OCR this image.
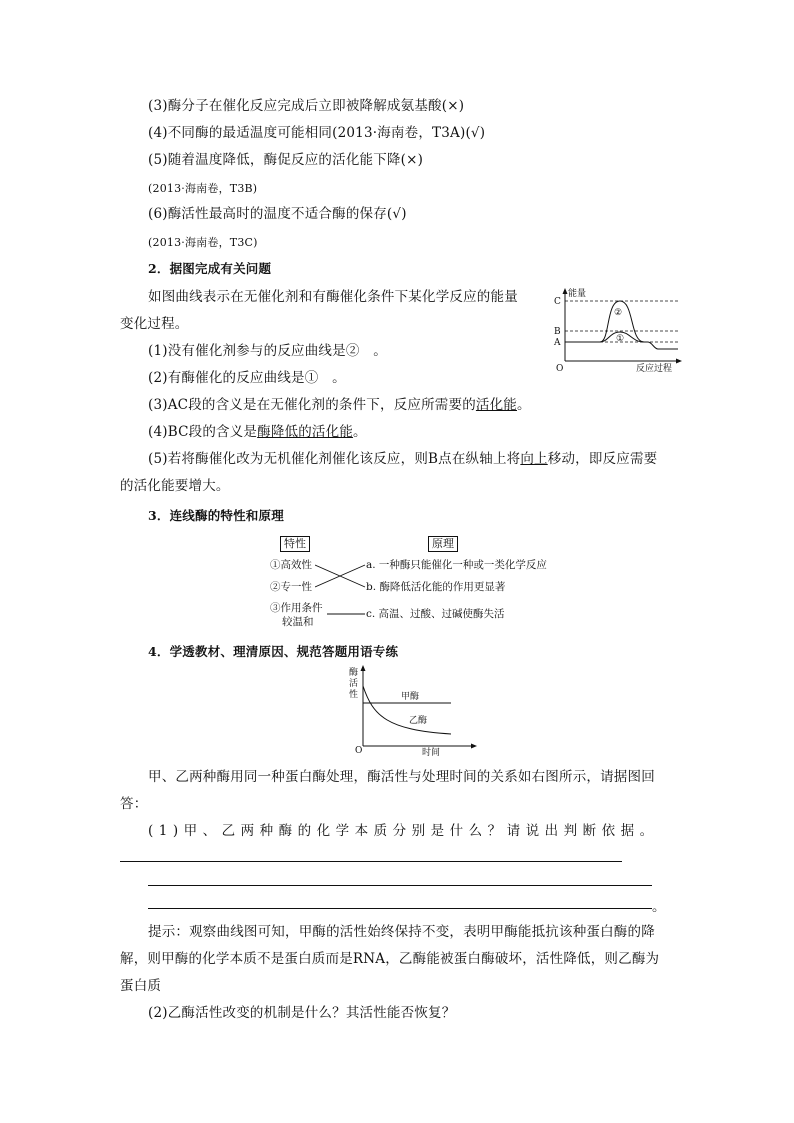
(3)酶分子在催化反应完成后立即被降解成氨基酸(×)
(4)不同酶的最适温度可能相同(2013·海南卷，T3A)(√)
(5)随着温度降低，酶促反应的活化能下降(×)
(2013·海南卷，T3B)
(6)酶活性最高时的温度不适合酶的保存(√)
(2013·海南卷，T3C)
2．据图完成有关问题
如图曲线表示在无催化剂和有酶催化条件下某化学反应的能量
变化过程。
(1)没有催化剂参与的反应曲线是②　。
(2)有酶催化的反应曲线是①　。
(3)AC段的含义是在无催化剂的条件下，反应所需要的活化能。
(4)BC段的含义是酶降低的活化能。
(5)若将酶催化改为无机催化剂催化该反应，则B点在纵轴上将向上移动，即反应需要
的活化能要增大。
能量
C
B
A
O
②
①
反应过程
3．连线酶的特性和原理
特性	原理
①高效性
②专一性
③作用条件
较温和
a. 一种酶只能催化一种或一类化学反应
b. 酶降低活化能的作用更显著
c. 高温、过酸、过碱使酶失活
4．学透教材、理清原因、规范答题用语专练
酶
活
性	甲酶
乙酶
O	时间
甲、乙两种酶用同一种蛋白酶处理，酶活性与处理时间的关系如右图所示，请据图回
答：
(1)甲、乙两种酶的化学本质分别是什么？请说出判断依据。
。
提示：观察曲线图可知，甲酶的活性始终保持不变，表明甲酶能抵抗该种蛋白酶的降
解，则甲酶的化学本质不是蛋白质而是RNA，乙酶能被蛋白酶破坏，活性降低，则乙酶为
蛋白质
(2)乙酶活性改变的机制是什么？其活性能否恢复？
